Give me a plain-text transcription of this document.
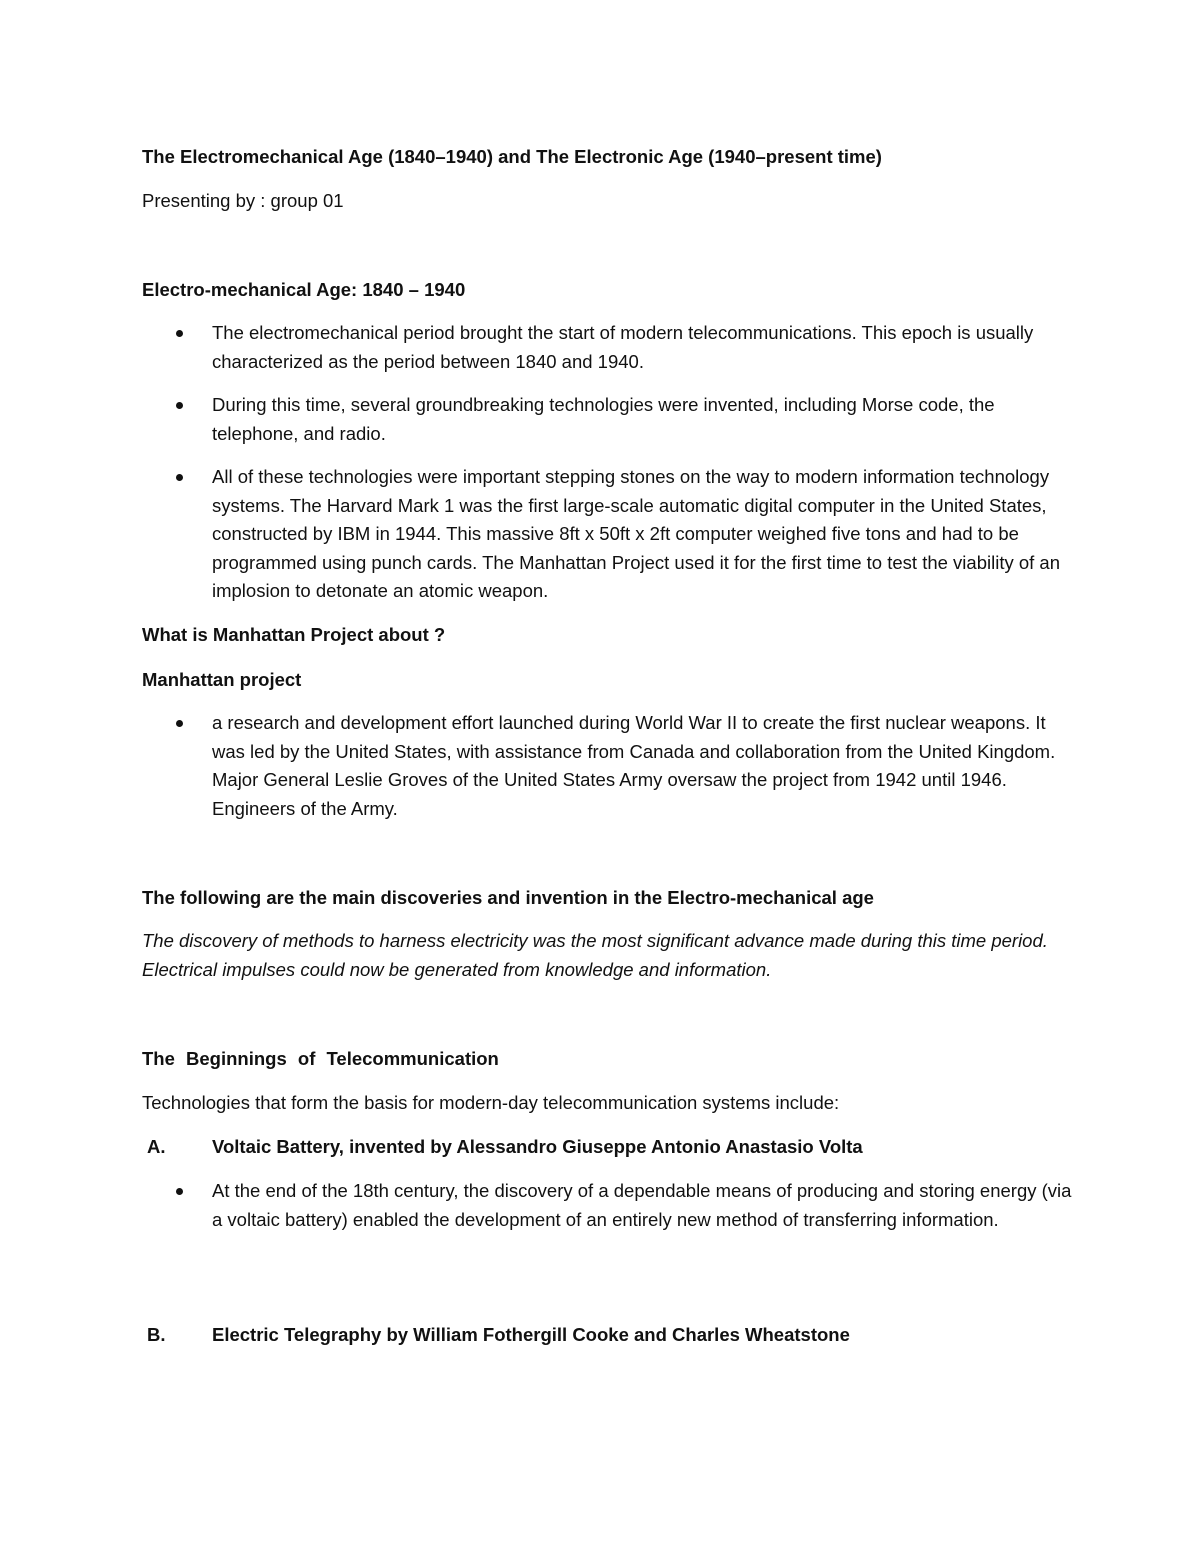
The Electromechanical Age (1840–1940) and The Electronic Age (1940–present time)
Presenting by : group 01
Electro-mechanical Age: 1840 – 1940
The electromechanical period brought the start of modern telecommunications. This epoch is usually characterized as the period between 1840 and 1940.
During this time, several groundbreaking technologies were invented, including Morse code, the telephone, and radio.
All of these technologies were important stepping stones on the way to modern information technology systems. The Harvard Mark 1 was the first large-scale automatic digital computer in the United States, constructed by IBM in 1944. This massive 8ft x 50ft x 2ft computer weighed five tons and had to be programmed using punch cards. The Manhattan Project used it for the first time to test the viability of an implosion to detonate an atomic weapon.
What is Manhattan Project about ?
Manhattan project
a research and development effort launched during World War II to create the first nuclear weapons. It was led by the United States, with assistance from Canada and collaboration from the United Kingdom. Major General Leslie Groves of the United States Army oversaw the project from 1942 until 1946. Engineers of the Army.
The following are the main discoveries and invention in the Electro-mechanical age
The discovery of methods to harness electricity was the most significant advance made during this time period. Electrical impulses could now be generated from knowledge and information.
The Beginnings of Telecommunication
Technologies that form the basis for modern-day telecommunication systems include:
A.	Voltaic Battery, invented by Alessandro Giuseppe Antonio Anastasio Volta
At the end of the 18th century, the discovery of a dependable means of producing and storing energy (via a voltaic battery) enabled the development of an entirely new method of transferring information.
B.	Electric Telegraphy by William Fothergill Cooke and Charles Wheatstone
